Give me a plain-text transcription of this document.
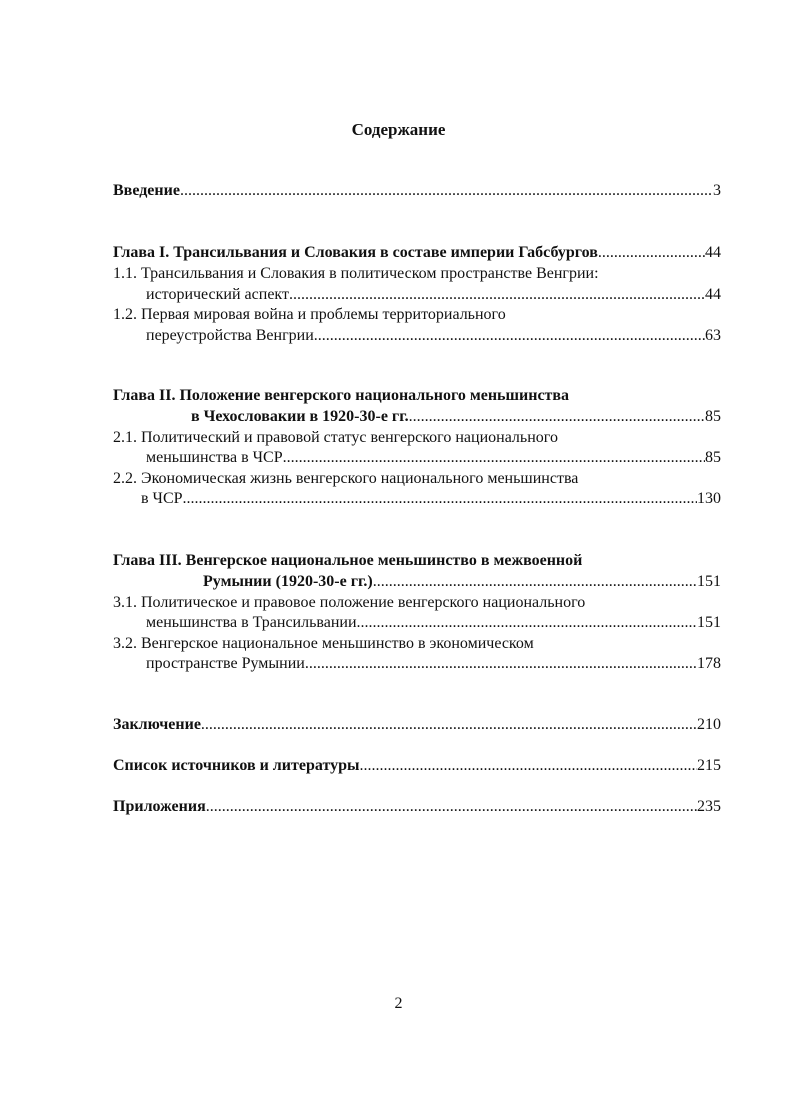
Содержание
Введение .....	3
Глава I. Трансильвания и Словакия в составе империи Габсбургов .....	44
1.1. Трансильвания и Словакия в политическом пространстве Венгрии:
исторический аспект .....	44
1.2. Первая мировая война и проблемы территориального
переустройства Венгрии .....	63
Глава II. Положение венгерского национального меньшинства
в Чехословакии в 1920-30-е гг. .....	85
2.1. Политический и правовой статус венгерского национального
меньшинства в ЧСР .....	85
2.2. Экономическая жизнь венгерского национального меньшинства
в ЧСР .....	130
Глава III. Венгерское национальное меньшинство в межвоенной
Румынии (1920-30-е гг.) .....	151
3.1. Политическое и правовое положение венгерского национального
меньшинства в Трансильвании .....	151
3.2. Венгерское национальное меньшинство в экономическом
пространстве Румынии .....	178
Заключение .....	210
Список источников и литературы .....	215
Приложения .....	235
2
